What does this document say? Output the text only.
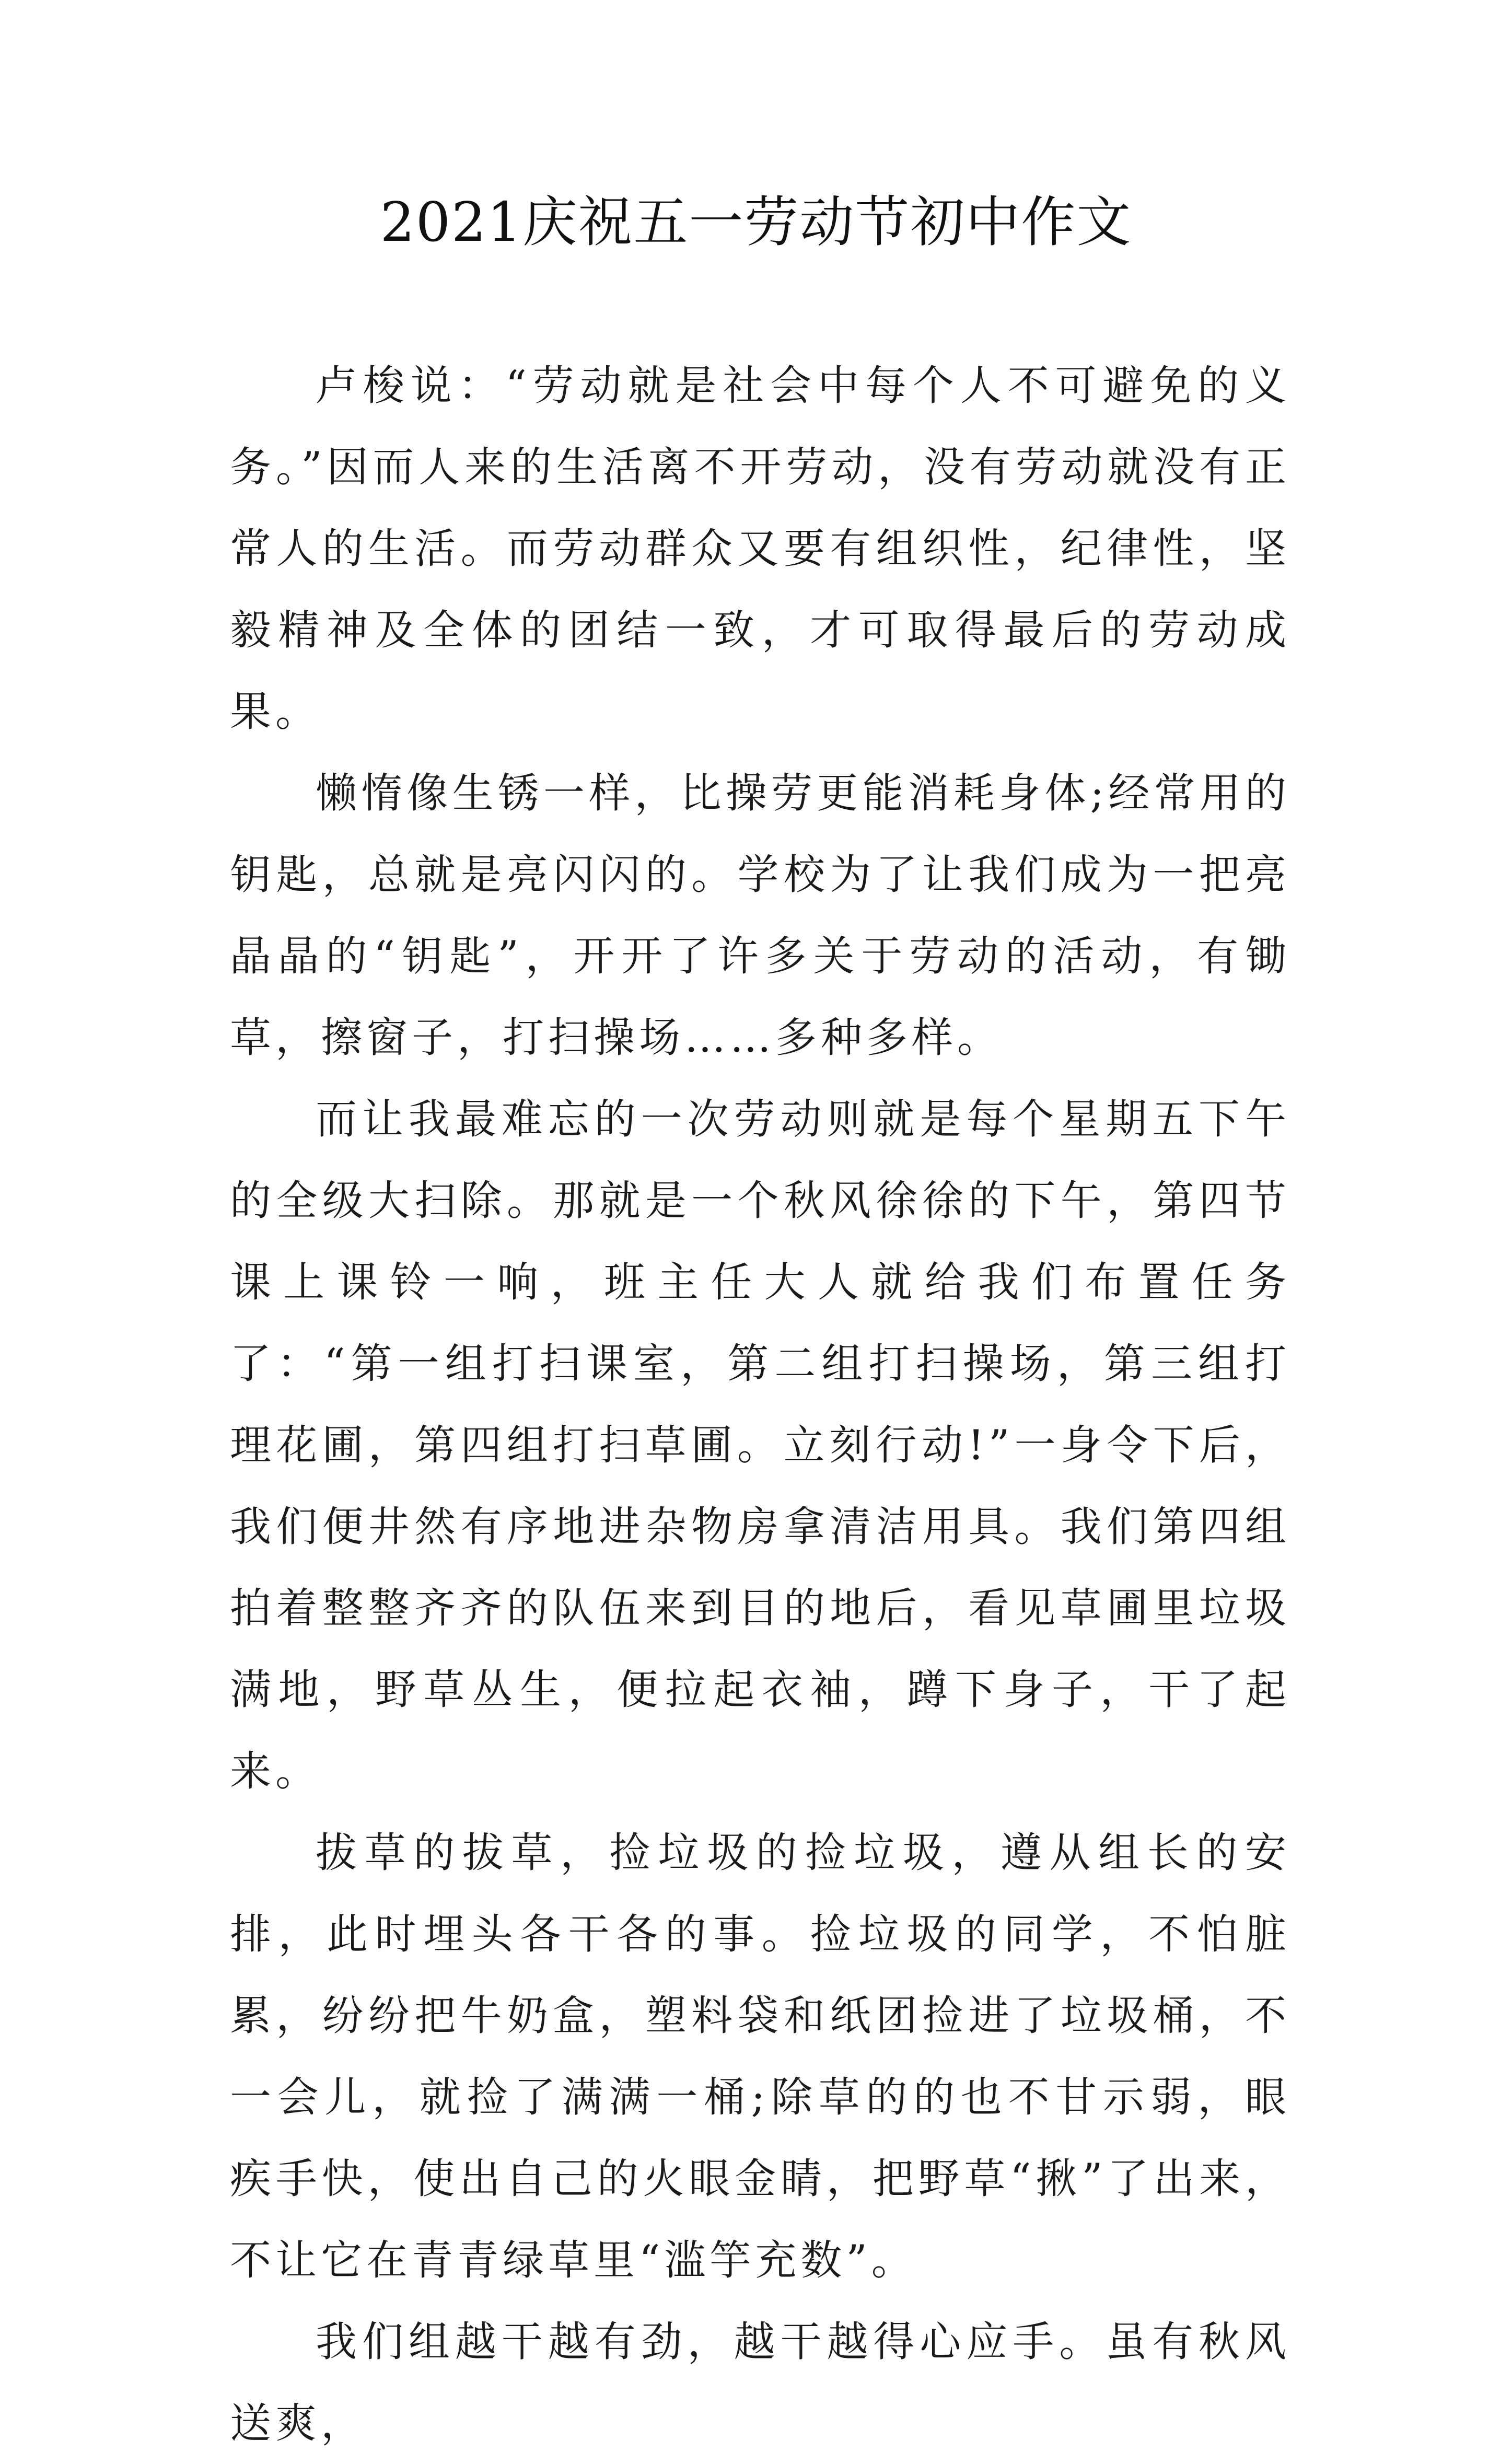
2021庆祝五一劳动节初中作文

卢梭说：“劳动就是社会中每个人不可避免的义务。”因而人来的生活离不开劳动，没有劳动就没有正常人的生活。而劳动群众又要有组织性，纪律性，坚毅精神及全体的团结一致，才可取得最后的劳动成果。

懒惰像生锈一样，比操劳更能消耗身体;经常用的钥匙，总就是亮闪闪的。学校为了让我们成为一把亮晶晶的“钥匙”，开开了许多关于劳动的活动，有锄草，擦窗子，打扫操场……多种多样。

而让我最难忘的一次劳动则就是每个星期五下午的全级大扫除。那就是一个秋风徐徐的下午，第四节课上课铃一响，班主任大人就给我们布置任务了：“第一组打扫课室，第二组打扫操场，第三组打理花圃，第四组打扫草圃。立刻行动!”一身令下后，我们便井然有序地进杂物房拿清洁用具。我们第四组拍着整整齐齐的队伍来到目的地后，看见草圃里垃圾满地，野草丛生，便拉起衣袖，蹲下身子，干了起来。

拔草的拔草，捡垃圾的捡垃圾，遵从组长的安排，此时埋头各干各的事。捡垃圾的同学，不怕脏累，纷纷把牛奶盒，塑料袋和纸团捡进了垃圾桶，不一会儿，就捡了满满一桶;除草的的也不甘示弱，眼疾手快，使出自己的火眼金睛，把野草“揪”了出来，不让它在青青绿草里“滥竽充数”。

我们组越干越有劲，越干越得心应手。虽有秋风送爽，
